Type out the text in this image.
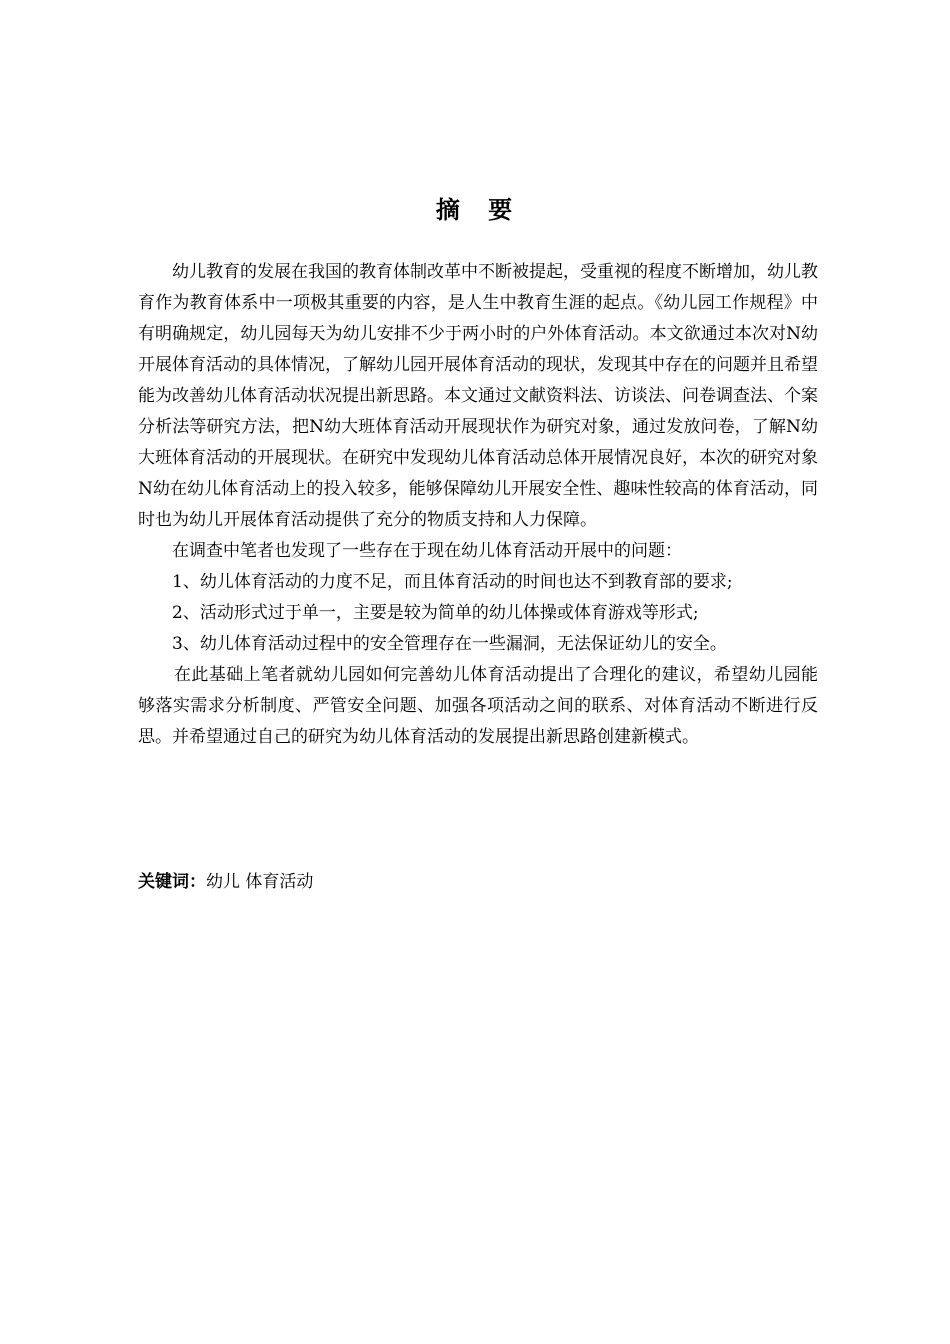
摘 要

幼儿教育的发展在我国的教育体制改革中不断被提起，受重视的程度不断增加，幼儿教育作为教育体系中一项极其重要的内容，是人生中教育生涯的起点。《幼儿园工作规程》中有明确规定，幼儿园每天为幼儿安排不少于两小时的户外体育活动。本文欲通过本次对N幼开展体育活动的具体情况，了解幼儿园开展体育活动的现状，发现其中存在的问题并且希望能为改善幼儿体育活动状况提出新思路。本文通过文献资料法、访谈法、问卷调查法、个案分析法等研究方法，把N幼大班体育活动开展现状作为研究对象，通过发放问卷，了解N幼大班体育活动的开展现状。在研究中发现幼儿体育活动总体开展情况良好，本次的研究对象N幼在幼儿体育活动上的投入较多，能够保障幼儿开展安全性、趣味性较高的体育活动，同时也为幼儿开展体育活动提供了充分的物质支持和人力保障。

在调查中笔者也发现了一些存在于现在幼儿体育活动开展中的问题：

1、幼儿体育活动的力度不足，而且体育活动的时间也达不到教育部的要求;

2、活动形式过于单一，主要是较为简单的幼儿体操或体育游戏等形式;

3、幼儿体育活动过程中的安全管理存在一些漏洞，无法保证幼儿的安全。

在此基础上笔者就幼儿园如何完善幼儿体育活动提出了合理化的建议，希望幼儿园能够落实需求分析制度、严管安全问题、加强各项活动之间的联系、对体育活动不断进行反思。并希望通过自己的研究为幼儿体育活动的发展提出新思路创建新模式。

关键词：幼儿 体育活动
